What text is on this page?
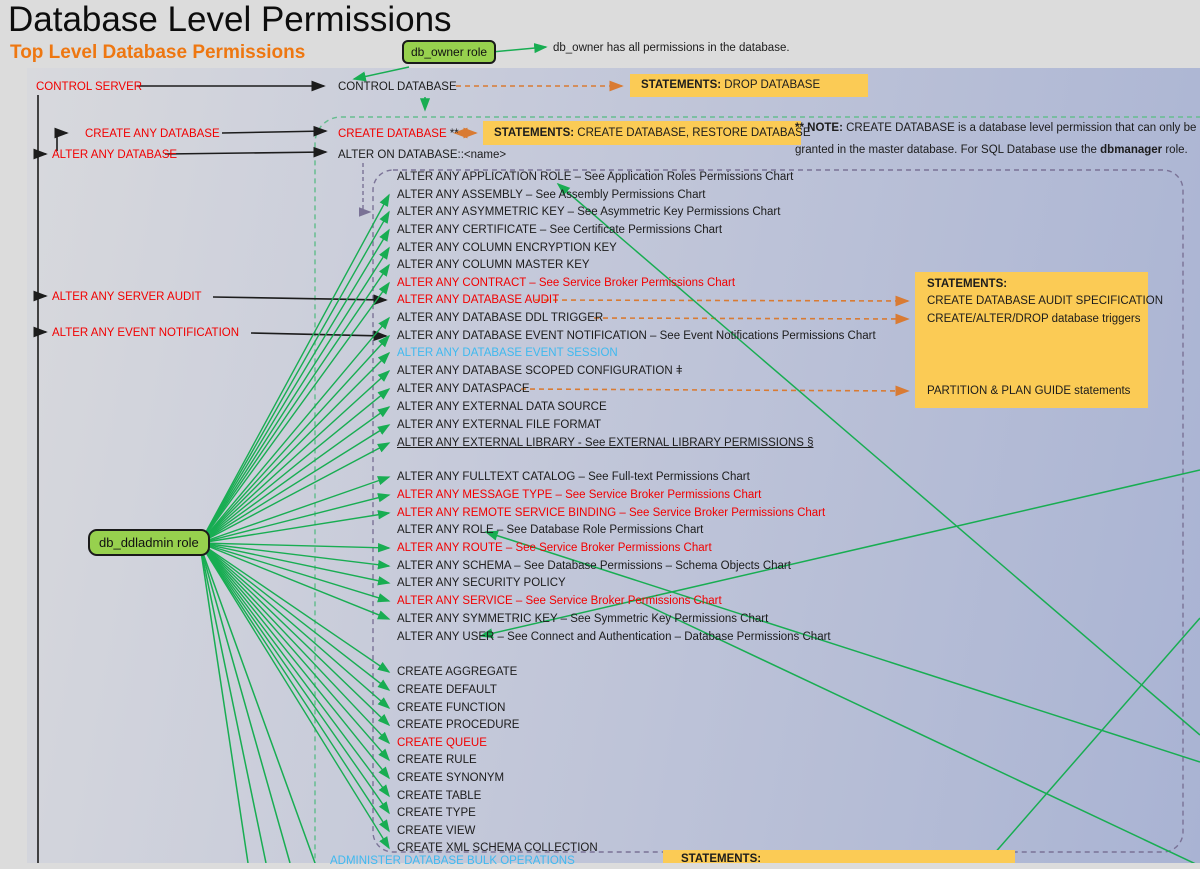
Database Level Permissions
Top Level Database Permissions	db_owner role
db_ddladmin role
db_owner has all permissions in the database.
CONTROL SERVER
CREATE ANY DATABASE
ALTER ANY DATABASE
ALTER ANY SERVER AUDIT
ALTER ANY EVENT NOTIFICATION
CONTROL DATABASE
CREATE DATABASE **
ALTER ON DATABASE::<name>
ADMINISTER DATABASE BULK OPERATIONS
** NOTE: CREATE DATABASE is a database level permission that can only be
granted in the master database. For SQL Database use the dbmanager role.
STATEMENTS: DROP DATABASE
STATEMENTS: CREATE DATABASE, RESTORE DATABASE
STATEMENTS:
CREATE DATABASE AUDIT SPECIFICATION
CREATE/ALTER/DROP database triggers
PARTITION & PLAN GUIDE statements
STATEMENTS:
ALTER ANY APPLICATION ROLE – See Application Roles Permissions Chart
ALTER ANY ASSEMBLY – See Assembly Permissions Chart
ALTER ANY ASYMMETRIC KEY – See Asymmetric Key Permissions Chart
ALTER ANY CERTIFICATE – See Certificate Permissions Chart
ALTER ANY COLUMN ENCRYPTION KEY
ALTER ANY COLUMN MASTER KEY
ALTER ANY CONTRACT – See Service Broker Permissions Chart
ALTER ANY DATABASE AUDIT
ALTER ANY DATABASE DDL TRIGGER
ALTER ANY DATABASE EVENT NOTIFICATION – See Event Notifications Permissions Chart
ALTER ANY DATABASE EVENT SESSION
ALTER ANY DATABASE SCOPED CONFIGURATION ǂ
ALTER ANY DATASPACE
ALTER ANY EXTERNAL DATA SOURCE
ALTER ANY EXTERNAL FILE FORMAT
ALTER ANY EXTERNAL LIBRARY - See EXTERNAL LIBRARY PERMISSIONS §
ALTER ANY FULLTEXT CATALOG – See Full-text Permissions Chart
ALTER ANY MESSAGE TYPE – See Service Broker Permissions Chart
ALTER ANY REMOTE SERVICE BINDING – See Service Broker Permissions Chart
ALTER ANY ROLE – See Database Role Permissions Chart
ALTER ANY ROUTE – See Service Broker Permissions Chart
ALTER ANY SCHEMA – See Database Permissions – Schema Objects Chart
ALTER ANY SECURITY POLICY
ALTER ANY SERVICE – See Service Broker Permissions Chart
ALTER ANY SYMMETRIC KEY – See Symmetric Key Permissions Chart
ALTER ANY USER – See Connect and Authentication – Database Permissions Chart
CREATE AGGREGATE
CREATE DEFAULT
CREATE FUNCTION
CREATE PROCEDURE
CREATE QUEUE
CREATE RULE
CREATE SYNONYM
CREATE TABLE
CREATE TYPE
CREATE VIEW
CREATE XML SCHEMA COLLECTION
